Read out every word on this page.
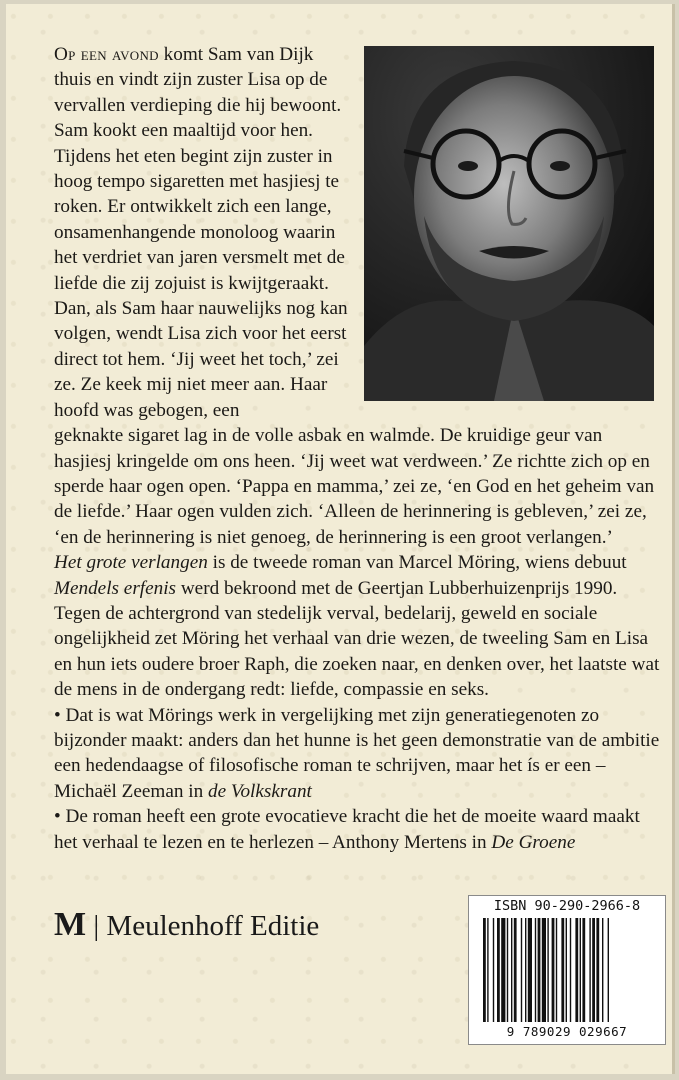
Op een avond komt Sam van Dijk thuis en vindt zijn zuster Lisa op de vervallen verdieping die hij bewoont. Sam kookt een maaltijd voor hen. Tijdens het eten begint zijn zuster in hoog tempo sigaretten met hasjiesj te roken. Er ontwikkelt zich een lange, onsamenhangende monoloog waarin het verdriet van jaren versmelt met de liefde die zij zojuist is kwijtgeraakt. Dan, als Sam haar nauwelijks nog kan volgen, wendt Lisa zich voor het eerst direct tot hem. ‘Jij weet het toch,’ zei ze. Ze keek mij niet meer aan. Haar hoofd was gebogen, een

geknakte sigaret lag in de volle asbak en walmde. De kruidige geur van hasjiesj kringelde om ons heen. ‘Jij weet wat verdween.’ Ze richtte zich op en sperde haar ogen open. ‘Pappa en mamma,’ zei ze, ‘en God en het geheim van de liefde.’ Haar ogen vulden zich. ‘Alleen de herinnering is gebleven,’ zei ze, ‘en de herinnering is niet genoeg, de herinnering is een groot verlangen.’

Het grote verlangen is de tweede roman van Marcel Möring, wiens debuut Mendels erfenis werd bekroond met de Geertjan Lubberhuizenprijs 1990. Tegen de achtergrond van stedelijk verval, bedelarij, geweld en sociale ongelijkheid zet Möring het verhaal van drie wezen, de tweeling Sam en Lisa en hun iets oudere broer Raph, die zoeken naar, en denken over, het laatste wat de mens in de ondergang redt: liefde, compassie en seks.

• Dat is wat Mörings werk in vergelijking met zijn generatiegenoten zo bijzonder maakt: anders dan het hunne is het geen demonstratie van de ambitie een hedendaagse of filosofische roman te schrijven, maar het ís er een – Michaël Zeeman in de Volkskrant

• De roman heeft een grote evocatieve kracht die het de moeite waard maakt het verhaal te lezen en te herlezen – Anthony Mertens in De Groene

M | Meulenhoff Editie
ISBN 90-290-2966-8
9 789029 029667
